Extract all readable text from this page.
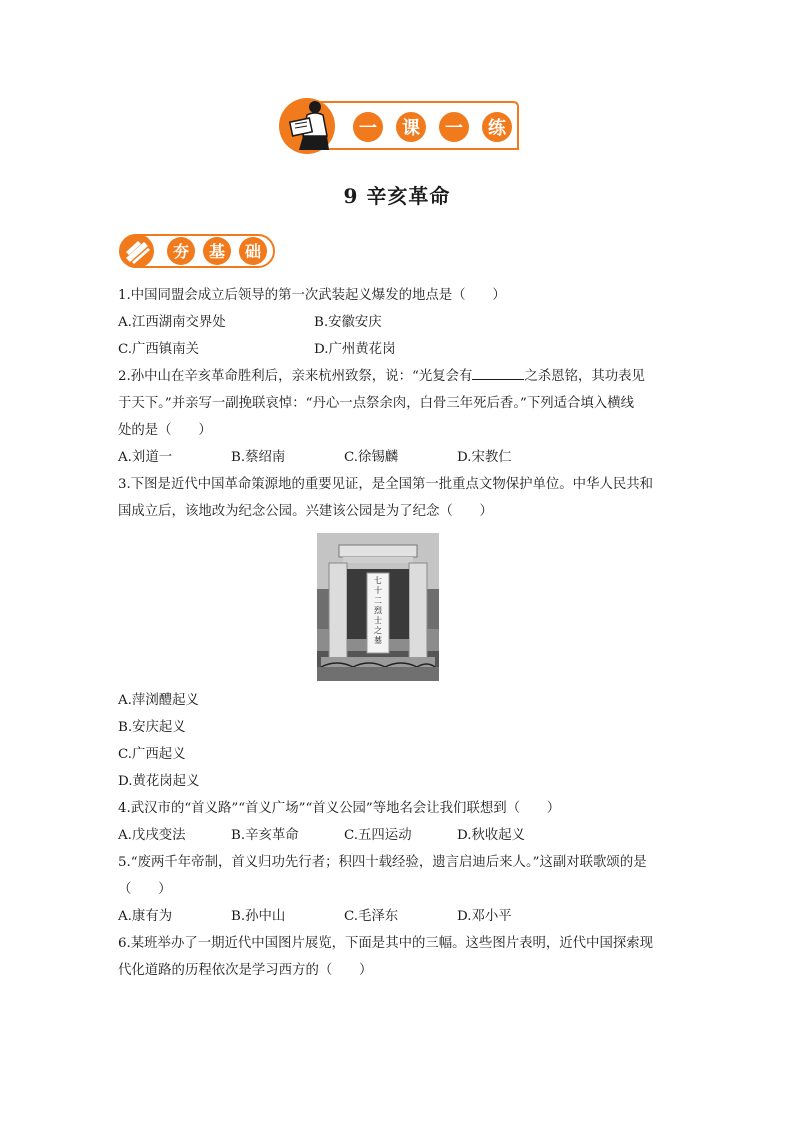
一 课 一 练
9 辛亥革命
夯 基 础

1.中国同盟会成立后领导的第一次武装起义爆发的地点是（　　）

A.江西湖南交界处	B.安徽安庆

C.广西镇南关	D.广州黄花岗

2.孙中山在辛亥革命胜利后，亲来杭州致祭，说：“光复会有	之杀恩铭，其功表见

于天下。”并亲写一副挽联哀悼：“丹心一点祭余肉，白骨三年死后香。”下列适合填入横线

处的是（　　）

A.刘道一	B.蔡绍南	C.徐锡麟	D.宋教仁

3.下图是近代中国革命策源地的重要见证，是全国第一批重点文物保护单位。中华人民共和

国成立后，该地改为纪念公园。兴建该公园是为了纪念（　　）

七
十
二
烈
士
之
墓

A.萍浏醴起义

B.安庆起义

C.广西起义

D.黄花岗起义

4.武汉市的“首义路”“首义广场”“首义公园”等地名会让我们联想到（　　）

A.戊戌变法	B.辛亥革命	C.五四运动	D.秋收起义

5.“废两千年帝制，首义归功先行者；积四十载经验，遗言启迪后来人。”这副对联歌颂的是

（　　）

A.康有为	B.孙中山	C.毛泽东	D.邓小平

6.某班举办了一期近代中国图片展览，下面是其中的三幅。这些图片表明，近代中国探索现

代化道路的历程依次是学习西方的（　　）
